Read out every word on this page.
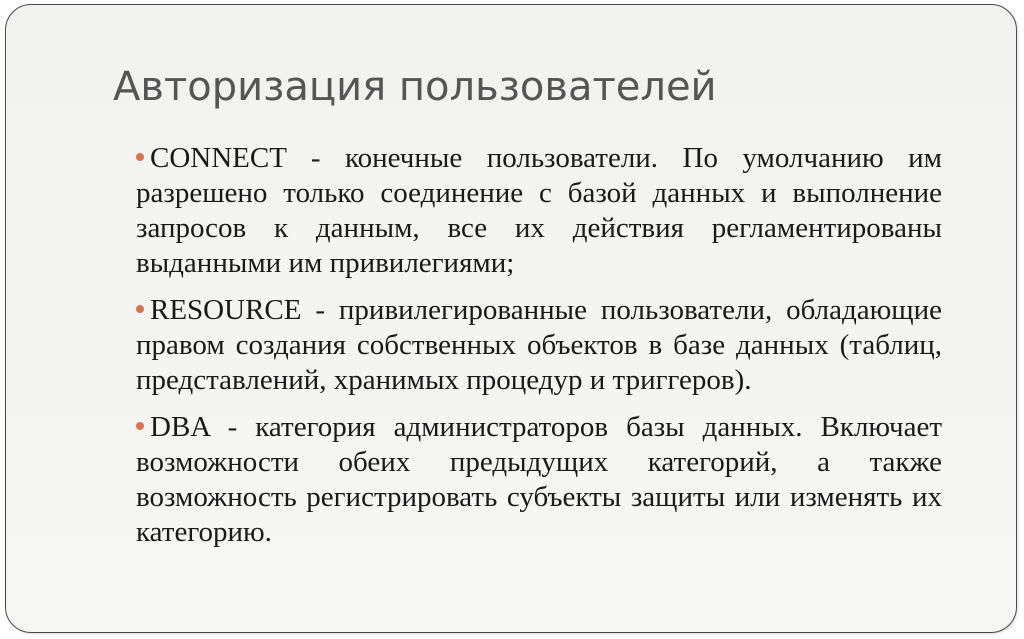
Авторизация пользователей
CONNECT - конечные пользователи. По умолчанию им разрешено только соединение с базой данных и выполнение запросов к данным, все их действия регламентированы выданными им привилегиями;
RESOURCE - привилегированные пользователи, обладающие правом создания собственных объектов в базе данных (таблиц, представлений, хранимых процедур и триггеров).
DBA - категория администраторов базы данных. Включает возможности обеих предыдущих категорий, а также возможность регистрировать субъекты защиты или изменять их категорию.
